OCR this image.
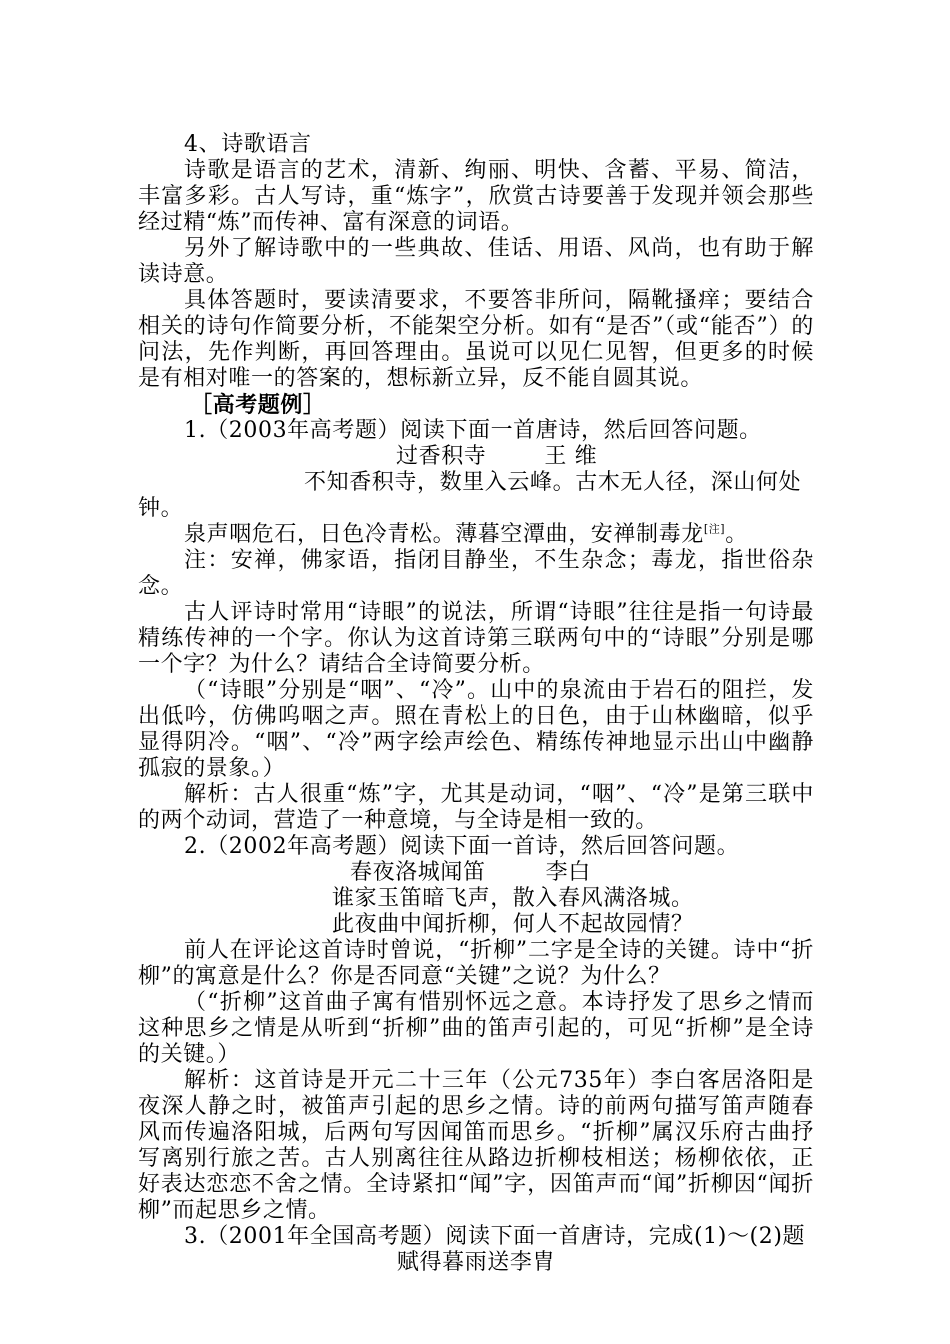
4、诗歌语言

诗歌是语言的艺术，清新、绚丽、明快、含蓄、平易、简洁，丰富多彩。古人写诗，重“炼字”，欣赏古诗要善于发现并领会那些经过精“炼”而传神、富有深意的词语。

另外了解诗歌中的一些典故、佳话、用语、风尚，也有助于解读诗意。

具体答题时，要读清要求，不要答非所问，隔靴搔痒；要结合相关的诗句作简要分析，不能架空分析。如有“是否”（或“能否”）的问法，先作判断，再回答理由。虽说可以见仁见智，但更多的时候是有相对唯一的答案的，想标新立异，反不能自圆其说。

［高考题例］

1.（2003年高考题）阅读下面一首唐诗，然后回答问题。

过香积寺	王 维

不知香积寺，数里入云峰。古木无人径，深山何处

钟。

泉声咽危石，日色冷青松。薄暮空潭曲，安禅制毒龙[注]。

注：安禅，佛家语，指闭目静坐，不生杂念；毒龙，指世俗杂念。

古人评诗时常用“诗眼”的说法，所谓“诗眼”往往是指一句诗最精练传神的一个字。你认为这首诗第三联两句中的“诗眼”分别是哪一个字？为什么？请结合全诗简要分析。

（“诗眼”分别是“咽”、“冷”。山中的泉流由于岩石的阻拦，发出低吟，仿佛呜咽之声。照在青松上的日色，由于山林幽暗，似乎显得阴冷。“咽”、“冷”两字绘声绘色、精练传神地显示出山中幽静孤寂的景象。）

解析：古人很重“炼”字，尤其是动词，“咽”、“冷”是第三联中的两个动词，营造了一种意境，与全诗是相一致的。

2.（2002年高考题）阅读下面一首诗，然后回答问题。

春夜洛城闻笛	李白

谁家玉笛暗飞声，散入春风满洛城。

此夜曲中闻折柳，何人不起故园情？

前人在评论这首诗时曾说，“折柳”二字是全诗的关键。诗中“折柳”的寓意是什么？你是否同意“关键”之说？为什么？

（“折柳”这首曲子寓有惜别怀远之意。本诗抒发了思乡之情而这种思乡之情是从听到“折柳”曲的笛声引起的，可见“折柳”是全诗的关键。）

解析：这首诗是开元二十三年（公元735年）李白客居洛阳是夜深人静之时，被笛声引起的思乡之情。诗的前两句描写笛声随春风而传遍洛阳城，后两句写因闻笛而思乡。“折柳”属汉乐府古曲抒写离别行旅之苦。古人别离往往从路边折柳枝相送；杨柳依依，正好表达恋恋不舍之情。全诗紧扣“闻”字，因笛声而“闻”折柳因“闻折柳”而起思乡之情。

3.（2001年全国高考题）阅读下面一首唐诗，完成(1)～(2)题

赋得暮雨送李胄
